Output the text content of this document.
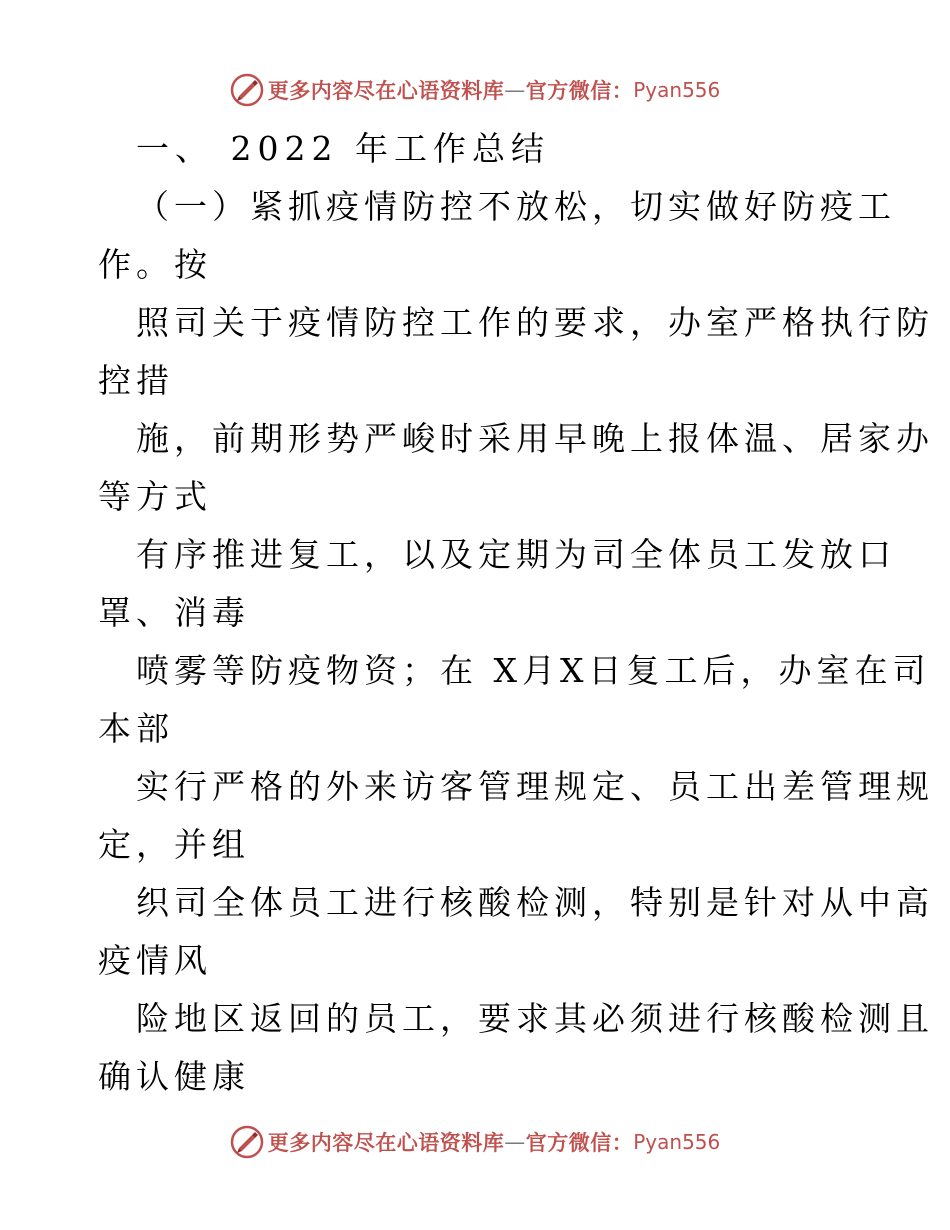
更多内容尽在心语资料库 — 官方微信： Pyan556
一、 2022 年工作总结
（一）紧抓疫情防控不放松，切实做好防疫工
作。按
照司关于疫情防控工作的要求，办室严格执行防
控措
施，前期形势严峻时采用早晚上报体温、居家办
等方式
有序推进复工，以及定期为司全体员工发放口
罩、消毒
喷雾等防疫物资；在 X月X日复工后，办室在司
本部
实行严格的外来访客管理规定、员工出差管理规
定，并组
织司全体员工进行核酸检测，特别是针对从中高
疫情风
险地区返回的员工，要求其必须进行核酸检测且
确认健康
更多内容尽在心语资料库 — 官方微信： Pyan556
